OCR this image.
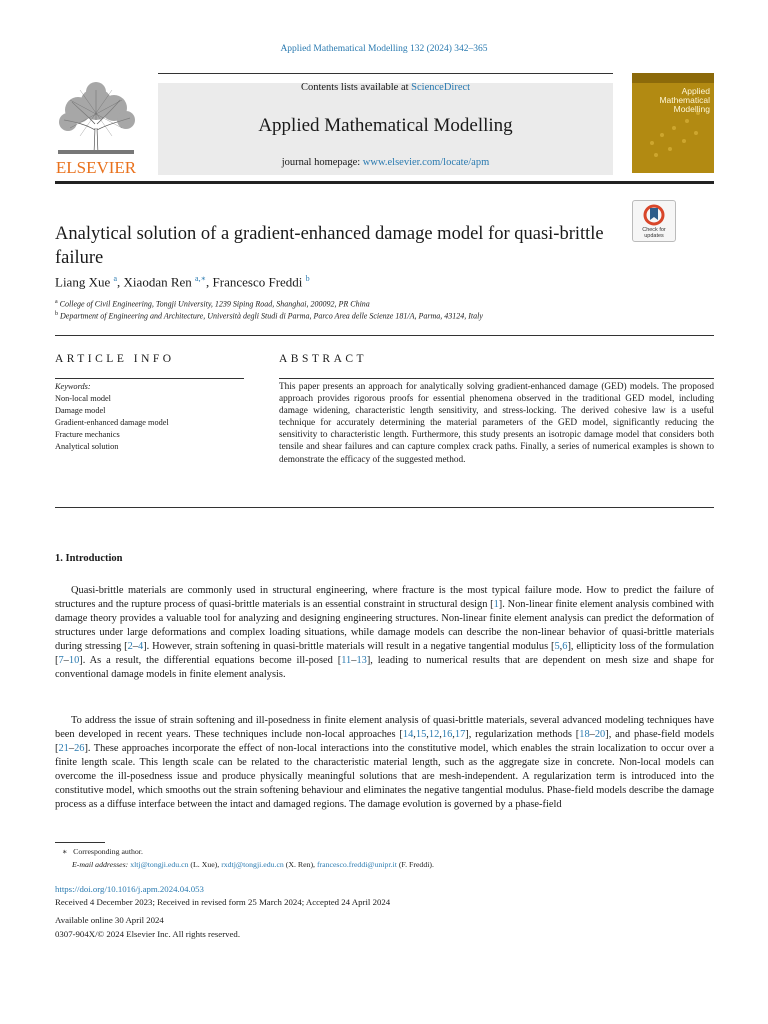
Applied Mathematical Modelling 132 (2024) 342–365
ELSEVIER
Contents lists available at ScienceDirect
Applied Mathematical Modelling
journal homepage: www.elsevier.com/locate/apm
Applied Mathematical Modelling
Check for updates
Analytical solution of a gradient-enhanced damage model for quasi-brittle failure
Liang Xue $^a$, Xiaodan Ren $^{a,∗}$, Francesco Freddi $^b$
$^a$ College of Civil Engineering, Tongji University, 1239 Siping Road, Shanghai, 200092, PR China
$^b$ Department of Engineering and Architecture, Università degli Studi di Parma, Parco Area delle Scienze 181/A, Parma, 43124, Italy
ARTICLE INFO
Keywords:
Non-local model
Damage model
Gradient-enhanced damage model
Fracture mechanics
Analytical solution
ABSTRACT
This paper presents an approach for analytically solving gradient-enhanced damage (GED) models. The proposed approach provides rigorous proofs for essential phenomena observed in the traditional GED model, including damage widening, characteristic length sensitivity, and stress-locking. The derived cohesive law is a useful technique for accurately determining the material parameters of the GED model, significantly reducing the sensitivity to characteristic length. Furthermore, this study presents an isotropic damage model that considers both tensile and shear failures and can capture complex crack paths. Finally, a series of numerical examples is shown to demonstrate the efficacy of the suggested method.
1. Introduction
Quasi-brittle materials are commonly used in structural engineering, where fracture is the most typical failure mode. How to predict the failure of structures and the rupture process of quasi-brittle materials is an essential constraint in structural design [1]. Non-linear finite element analysis combined with damage theory provides a valuable tool for analyzing and designing engineering structures. Non-linear finite element analysis can predict the deformation of structures under large deformations and complex loading situations, while damage models can describe the non-linear behavior of quasi-brittle materials during stressing [2–4]. However, strain softening in quasi-brittle materials will result in a negative tangential modulus [5,6], ellipticity loss of the formulation [7–10]. As a result, the differential equations become ill-posed [11–13], leading to numerical results that are dependent on mesh size and shape for conventional damage models in finite element analysis.
To address the issue of strain softening and ill-posedness in finite element analysis of quasi-brittle materials, several advanced modeling techniques have been developed in recent years. These techniques include non-local approaches [14,15,12,16,17], regularization methods [18–20], and phase-field models [21–26]. These approaches incorporate the effect of non-local interactions into the constitutive model, which enables the strain localization to occur over a finite length scale. This length scale can be related to the characteristic material length, such as the aggregate size in concrete. Non-local models can overcome the ill-posedness issue and produce physically meaningful solutions that are mesh-independent. A regularization term is introduced into the constitutive model, which smooths out the strain softening behaviour and eliminates the negative tangential modulus. Phase-field models describe the damage process as a diffuse interface between the intact and damaged regions. The damage evolution is governed by a phase-field
∗ Corresponding author.
E-mail addresses: xltj@tongji.edu.cn (L. Xue), rxdtj@tongji.edu.cn (X. Ren), francesco.freddi@unipr.it (F. Freddi).
https://doi.org/10.1016/j.apm.2024.04.053
Received 4 December 2023; Received in revised form 25 March 2024; Accepted 24 April 2024
Available online 30 April 2024
0307-904X/© 2024 Elsevier Inc. All rights reserved.
